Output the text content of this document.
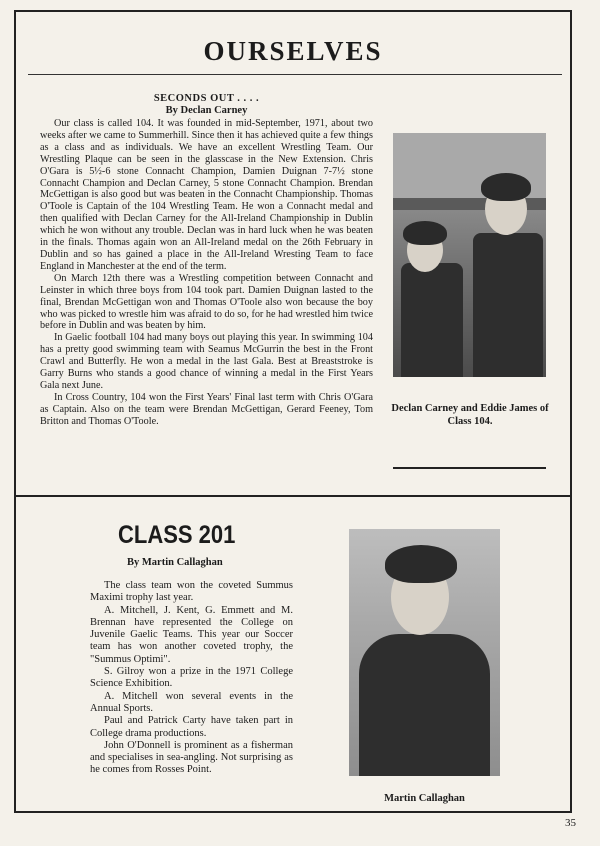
OURSELVES
SECONDS OUT . . . .
By Declan Carney

Our class is called 104. It was founded in mid-September, 1971, about two weeks after we came to Summerhill. Since then it has achieved quite a few things as a class and as individuals. We have an excellent Wrestling Team. Our Wrestling Plaque can be seen in the glasscase in the New Extension. Chris O'Gara is 5½-6 stone Connacht Champion, Damien Duignan 7-7½ stone Connacht Champion and Declan Carney, 5 stone Connacht Champion. Brendan McGettigan is also good but was beaten in the Connacht Championship. Thomas O'Toole is Captain of the 104 Wrestling Team. He won a Connacht medal and then qualified with Declan Carney for the All-Ireland Championship in Dublin which he won without any trouble. Declan was in hard luck when he was beaten in the finals. Thomas again won an All-Ireland medal on the 26th February in Dublin and so has gained a place in the All-Ireland Wresting Team to face England in Manchester at the end of the term.

On March 12th there was a Wrestling competition between Connacht and Leinster in which three boys from 104 took part. Damien Duignan lasted to the final, Brendan McGettigan won and Thomas O'Toole also won because the boy who was picked to wrestle him was afraid to do so, for he had wrestled him twice before in Dublin and was beaten by him.

In Gaelic football 104 had many boys out playing this year. In swimming 104 has a pretty good swimming team with Seamus McGurrin the best in the Front Crawl and Butterfly. He won a medal in the last Gala. Best at Breaststroke is Garry Burns who stands a good chance of winning a medal in the First Years Gala next June.

In Cross Country, 104 won the First Years' Final last term with Chris O'Gara as Captain. Also on the team were Brendan McGettigan, Gerard Feeney, Tom Britton and Thomas O'Toole.

Declan Carney and Eddie James of Class 104.
CLASS 201
By Martin Callaghan

The class team won the coveted Summus Maximi trophy last year.

A. Mitchell, J. Kent, G. Emmett and M. Brennan have represented the College on Juvenile Gaelic Teams. This year our Soccer team has won another coveted trophy, the "Summus Optimi".

S. Gilroy won a prize in the 1971 College Science Exhibition.

A. Mitchell won several events in the Annual Sports.

Paul and Patrick Carty have taken part in College drama productions.

John O'Donnell is prominent as a fisherman and specialises in sea-angling. Not surprising as he comes from Rosses Point.

Martin Callaghan
35
